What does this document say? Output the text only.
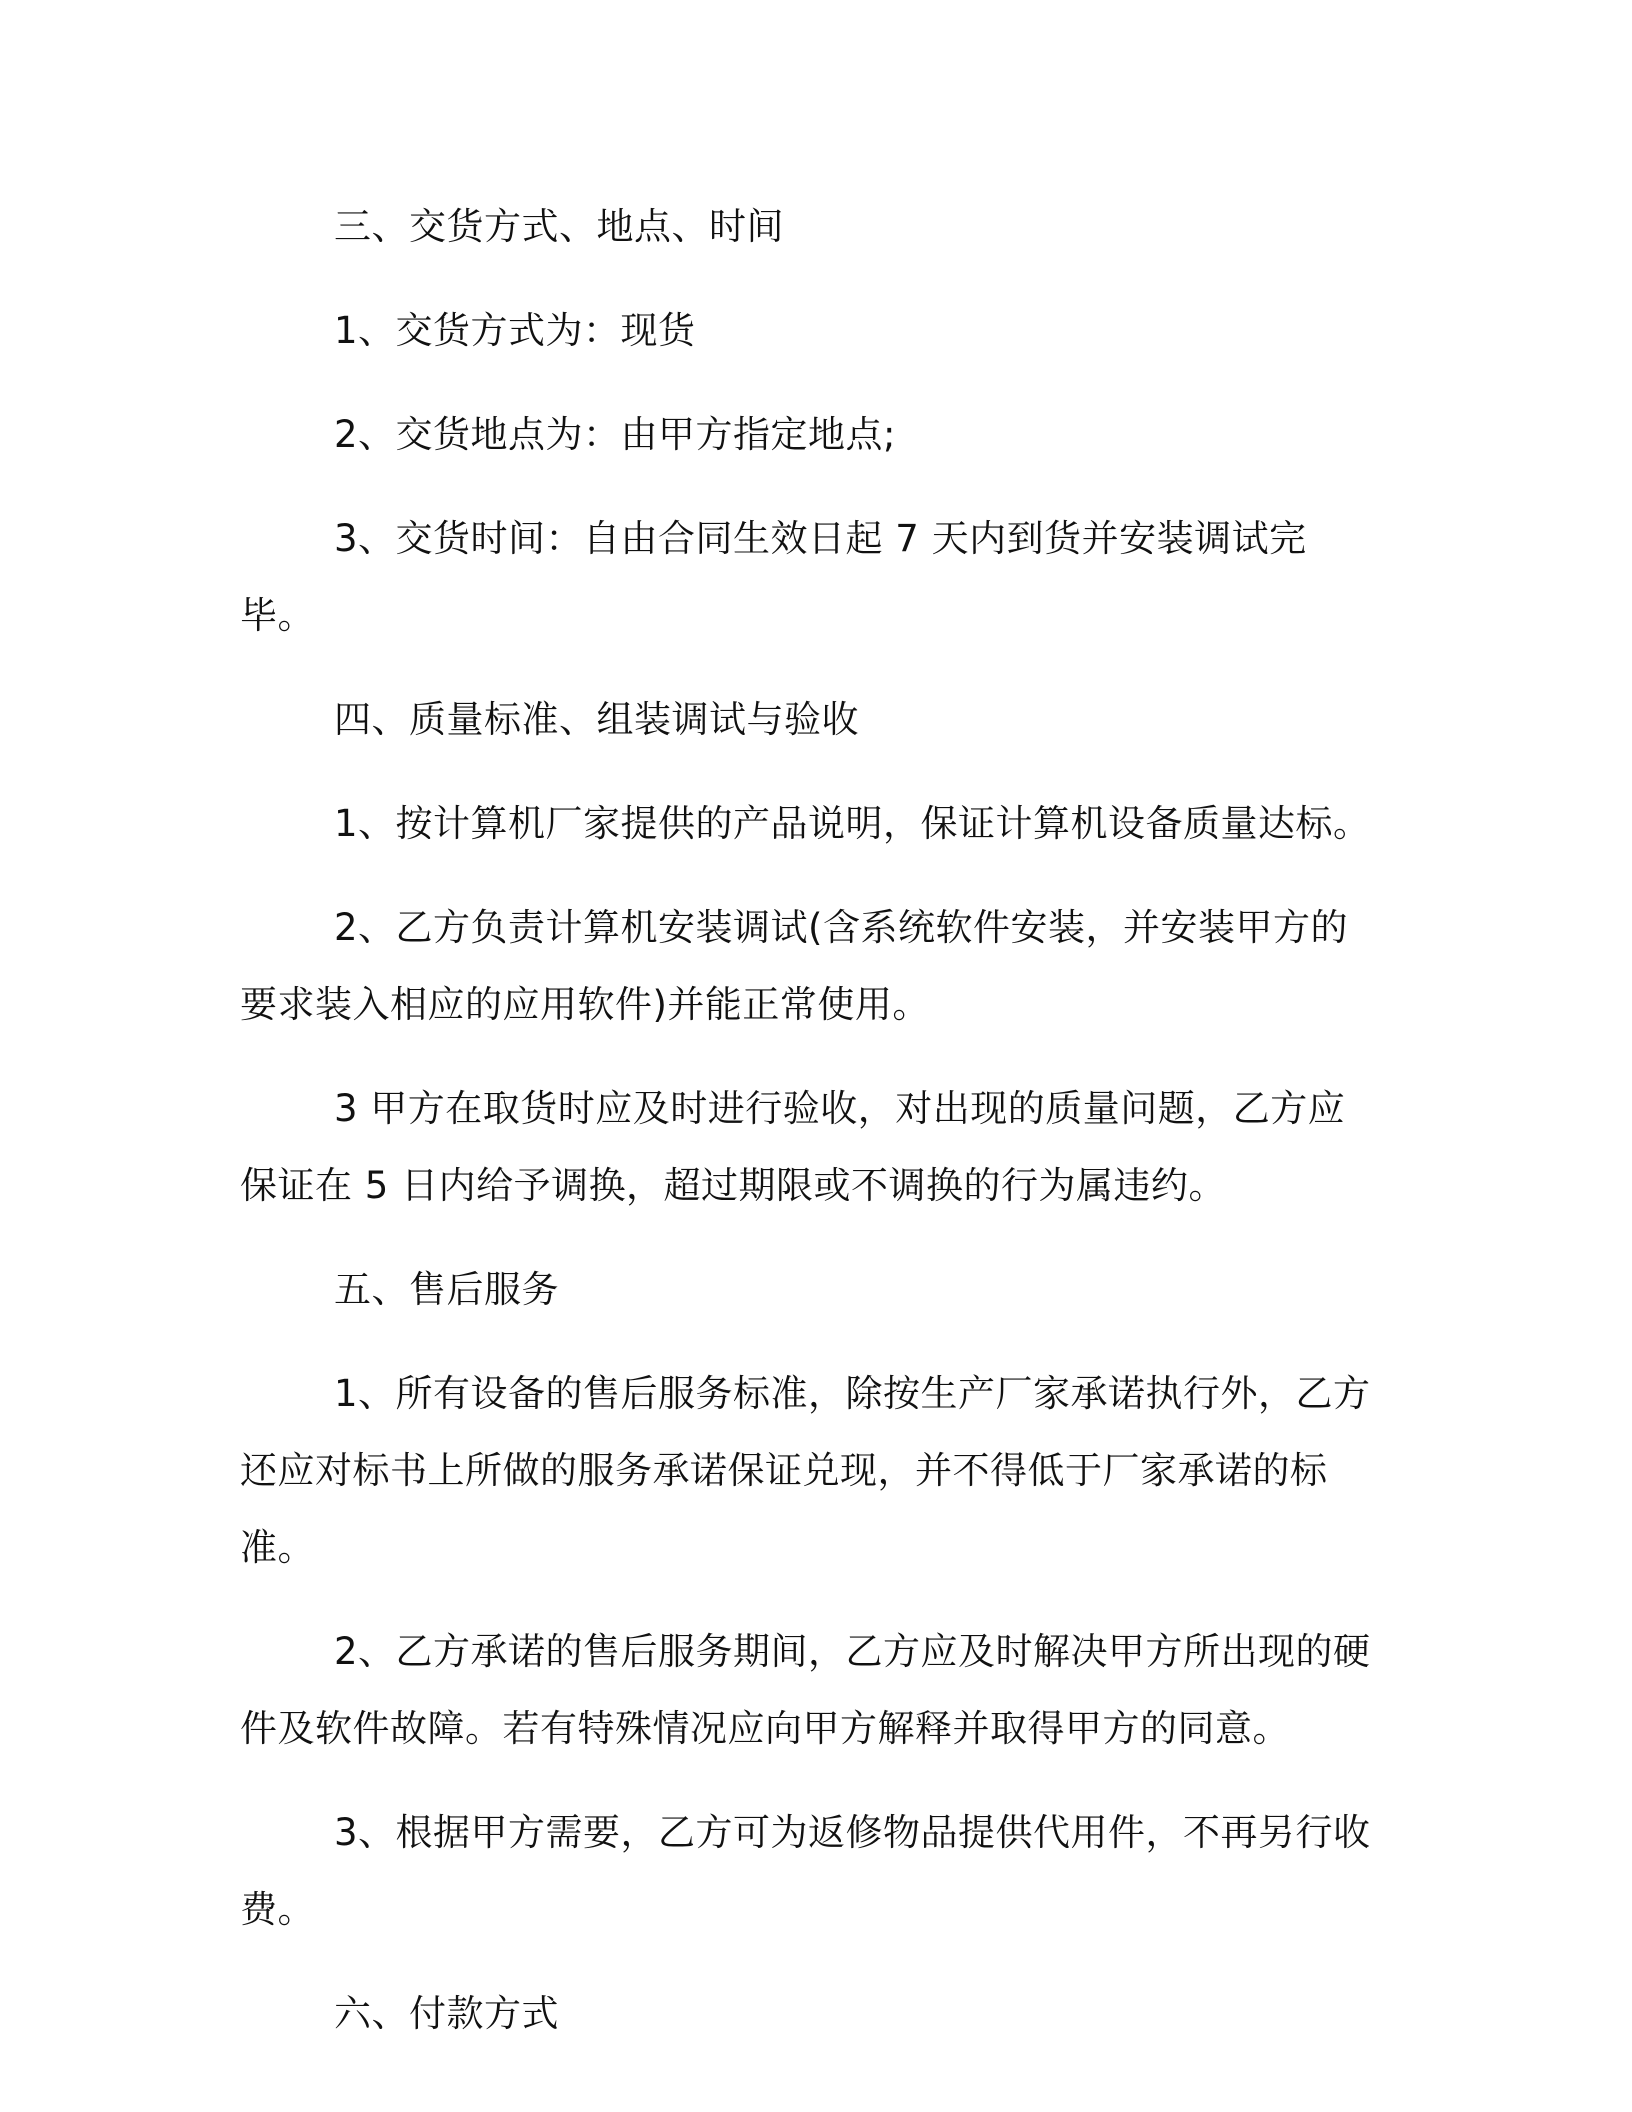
三、交货方式、地点、时间

1、交货方式为：现货

2、交货地点为：由甲方指定地点;

3、交货时间：自由合同生效日起 7 天内到货并安装调试完毕。

四、质量标准、组装调试与验收

1、按计算机厂家提供的产品说明，保证计算机设备质量达标。

2、乙方负责计算机安装调试(含系统软件安装，并安装甲方的要求装入相应的应用软件)并能正常使用。

3 甲方在取货时应及时进行验收，对出现的质量问题，乙方应保证在 5 日内给予调换，超过期限或不调换的行为属违约。

五、售后服务

1、所有设备的售后服务标准，除按生产厂家承诺执行外，乙方还应对标书上所做的服务承诺保证兑现，并不得低于厂家承诺的标准。

2、乙方承诺的售后服务期间，乙方应及时解决甲方所出现的硬件及软件故障。若有特殊情况应向甲方解释并取得甲方的同意。

3、根据甲方需要，乙方可为返修物品提供代用件，不再另行收费。

六、付款方式
